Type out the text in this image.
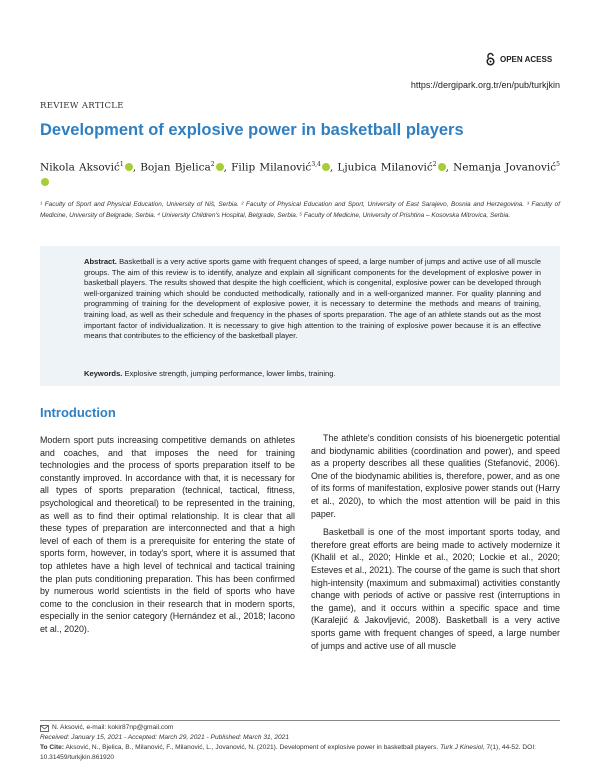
OPEN ACESS
https://dergipark.org.tr/en/pub/turkjkin
REVIEW ARTICLE
Development of explosive power in basketball players
Nikola Aksović$^1$ , Bojan Bjelica$^2$ , Filip Milanović$^{3,4}$ , Ljubica Milanović$^2$ , Nemanja Jovanović$^5$
¹ Faculty of Sport and Physical Education, University of Niš, Serbia. ² Faculty of Physical Education and Sport, University of East Sarajevo, Bosnia and Herzegovina. ³ Faculty of Medicine, University of Belgrade, Serbia. ⁴ University Children's Hospital, Belgrade, Serbia. ⁵ Faculty of Medicine, University of Prishtina – Kosovska Mitrovica, Serbia.
Abstract. Basketball is a very active sports game with frequent changes of speed, a large number of jumps and active use of all muscle groups. The aim of this review is to identify, analyze and explain all significant components for the development of explosive power in basketball players. The results showed that despite the high coefficient, which is congenital, explosive power can be developed through well-organized training which should be conducted methodically, rationally and in a well-organized manner. For quality planning and programming of training for the development of explosive power, it is necessary to determine the methods and means of training, training load, as well as their schedule and frequency in the phases of sports preparation. The age of an athlete stands out as the most important factor of individualization. It is necessary to give high attention to the training of explosive power because it is an effective means that contributes to the efficiency of the basketball player.
Keywords. Explosive strength, jumping performance, lower limbs, training.
Introduction

Modern sport puts increasing competitive demands on athletes and coaches, and that imposes the need for training technologies and the process of sports preparation itself to be constantly improved. In accordance with that, it is necessary for all types of sports preparation (technical, tactical, fitness, psychological and theoretical) to be represented in the training, as well as to find their optimal relationship. It is clear that all these types of preparation are interconnected and that a high level of each of them is a prerequisite for entering the state of sports form, however, in today's sport, where it is assumed that top athletes have a high level of technical and tactical training the plan puts conditioning preparation. This has been confirmed by numerous world scientists in the field of sports who have come to the conclusion in their research that in modern sports, especially in the senior category (Hernández et al., 2018; Iacono et al., 2020).

The athlete's condition consists of his bioenergetic potential and biodynamic abilities (coordination and power), and speed as a property describes all these qualities (Stefanović, 2006). One of the biodynamic abilities is, therefore, power, and as one of its forms of manifestation, explosive power stands out (Harry et al., 2020), to which the most attention will be paid in this paper.

Basketball is one of the most important sports today, and therefore great efforts are being made to actively modernize it (Khalil et al., 2020; Hinkle et al., 2020; Lockie et al., 2020; Esteves et al., 2021). The course of the game is such that short high-intensity (maximum and submaximal) activities constantly change with periods of active or passive rest (interruptions in the game), and it occurs within a specific space and time (Karalejić & Jakovljević, 2008). Basketball is a very active sports game with frequent changes of speed, a large number of jumps and active use of all muscle

N. Aksović, e-mail: kokir87np@gmail.com
Received: January 15, 2021 - Accepted: March 29, 2021 - Published: March 31, 2021
To Cite: Aksović, N., Bjelica, B., Milanović, F., Milanović, L., Jovanović, N. (2021). Development of explosive power in basketball players. Turk J Kinesiol, 7(1), 44-52. DOI: 10.31459/turkjkin.861920
